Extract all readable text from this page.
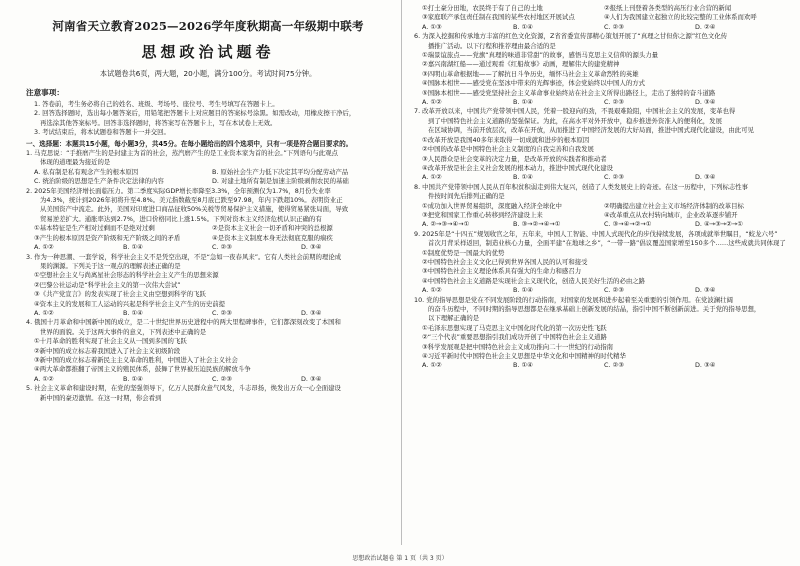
河南省天立教育2025—2026学年度秋期高一年级期中联考
思想政治试题卷
本试题卷共6页，两大题，20小题，满分100分。考试时间75分钟。
注意事项：
1. 答卷前，考生务必将自己的姓名、班级、考场号、座位号、考生号填写在答题卡上。
2. 回答选择题时，选出每小题答案后，用铅笔把答题卡上对应题目的答案标号涂黑。如需改动，用橡皮擦干净后，
再选涂其他答案标号。回答非选择题时，将答案写在答题卡上，写在本试卷上无效。
3. 考试结束后，将本试题卷和答题卡一并交回。
一、选择题：本题共15小题，每小题3分，共45分。在每小题给出的四个选项中，只有一项是符合题目要求的。
1. 马克思说：“手推磨产生的是封建主为首的社会，蒸汽磨产生的是工业资本家为首的社会。”下列语句与此观点
体现的道理最为接近的是
A. 私有制是私有观念产生的根本原因	B. 原始社会生产力低下决定其平均分配劳动产品
C. 统治阶级的思想是生产条件决定法律的内容	D. 对建土地所有制是加速主阶级剥削农民的基础
2. 2025年美国经济增长面临压力。第二季度实际GDP增长率降至3.3%，全年预测仅为1.7%，8月份失业率
为4.3%，统计到2026年初将升至4.8%。美元指数截至8月底已跌至97.98，年内下跌超10%。表明资业正
从美国资产中流走。此外，美国对印度进口商品征收50%关税等贸易保护主义措施，使得贸易紧张局面，导致
贸易逆差扩大。通胀率达到2.7%，进口价格同比上涨1.5%。下列对资本主义经济危机认识正确的有
①基本特征是生产相对过剩而不是绝对过剩	②是资本主义社会一切矛盾和冲突的总根源
③产生的根本原因是资产阶级和无产阶级之间的矛盾	④是资本主义制度本身无法彻底克服的痼疾
A. ①②	B. ①④	C. ②③	D. ③④
3. 作为一种思潮、一套学说，科学社会主义不是凭空出现，不是“急如一夜春风来”。它有人类社会前期的理论成
果的渊源。下列关于这一观点的理解表述正确的是
①空想社会主义与尚离星社会形态的科学社会主义产生的思想来源
②巴黎公社运动是“科学社会主义的第一次伟大尝试”
③《共产党宣言》的发表实现了社会主义由空想到科学的飞跃
④资本主义的发展和工人运动的兴起是科学社会主义产生的历史前提
A. ①②	B. ①④	C. ②③	D. ③④
4. 俄国十月革命和中国新中国的成立，是二十世纪世界历史进程中的两大里程碑事件，它们都深刻改变了本国和
世界的面貌。关于这两大事件的意义，下列表述中正确的是
①十月革命的胜利实现了社会主义从一国到多国的飞跃
②新中国的成立标志着我国进入了社会主义初级阶段
③新中国的成立标志着新民主主义革命的胜利，中国进入了社会主义社会
④两大革命都推翻了帝国主义的殖民体系，鼓舞了世界被压迫民族的解放斗争
A. ①②	B. ①④	C. ②③	D. ③④
5. 社会主义革命和建设时期，在党的坚强领导下，亿万人民群众意气风发，斗志昂扬，焕发出万众一心全面建设
新中国的豪迈激情。在这一时期，你会看到
①打土豪分田地，农民终于有了自己的土地	②报纸上刊登着各类型的高压行业合营的新闻
③家庭联产承包责任制在我国的某些农村地区开展试点	④人们为我国建立起独立的比较完整的工业体系而欢呼
A. ①③	B. ①④	C. ②③	D. ②④
6. 为深入挖掘和传承地方丰富的红色文化资源，Z省省委宣传部精心策划开展了“真理之甘但你之源”红色文化传
播推广活动。以下行程和推荐理由最合适的是
①瑞景谊旅点——党旗“真理的味道非常甜”的故事，感悟马克思主义信仰的源头力量
②嘉兴南湖红船——通过观看《红船故事》动画，理解伟大的建党精神
③四明山革命根据地——了解抗日斗争历史，缅怀马社会主义革命烈牲的英雄
④国脉本相世——感受党在坚冰中带来的光辉事迹，体会党始终以中国人的方式
⑤国脉本相世——感受党坚持社会主义革命事业始终站在社会主义所得出路径上，走出了独特的奋斗道路
A. ①②	B. ①④	C. ②③	D. ③④
7. 改革开放以来，中国共产党带领中国人民，凭着一股迎向的劲，不畏艰难险阻，中国社会主义的发展，变革也得
到了中国特色社会主义道路的坚强保证。为此，在高水平对外开放中，稳步推进外资准入的便利化，发展
在区域协调，当前开放层次，改革在开放，从而推进了中国经济发展的大好局面，推进中国式现代化建设，由此可见
①改革开放是我国40多年来取得一切成就和进步的根本原因
②中国的改革是中国特色社会主义制度的自我完善和自我发展
③人民群众是社会变革的决定力量，是改革开放的实践者和推动者
④改革开放是社会主义社会发展的根本动力，推进中国式现代化建设
A. ①②	B. ①④	C. ②③	D. ③④
8. 中国共产党带领中国人民从百年积贫积弱走到伟大复兴，创造了人类发展史上的奇迹。在这一历程中，下列标志性事
件按时间先后排列正确的是
①成功加入世界贸易组织，深度融入经济全球化中	②明确提出建立社会主义市场经济体制的改革目标
③把党和国家工作重心转移到经济建设上来	④改革重点从农村转向城市，企业改革逐步铺开
A. ②→③→④→①	B. ③→②→④→①	C. ③→④→②→①	D. ④→③→②→①
9. 2025年是“十四五”规划收官之年，五年来，中国人工智能、中国人式现代化的步伐持续发展，各项成就举世瞩目，“蛟龙六号”
首次月背采样返回，制造业核心力量，全面平建“在地球之乡”，“一带一路”倡议覆盖国家增至150多个……这些成就共同体现了
①制度优势是一国最大的优势
②中国特色社会主义文化已得到世界各国人民的认可和接受
③中国特色社会主义理论体系具有强大的生命力和感召力
④中国特色社会主义道路是实现社会主义现代化，创造人民美好生活的必由之路
A. ①②	B. ①④	C. ②③	D. ③④
10. 党的指导思想是党在不同发展阶段的行动指南，对国家的发展和进步起着至关重要的引领作用。在党波澜壮阔
的奋斗历程中，不同时期的指导思想都是在继承基础上创新发展的结晶，指引中国不断创新前进。关于党的指导思想，
以下理解正确的是
①毛泽东思想实现了马克思主义中国化时代化的第一次历史性飞跃
②“三个代表”重要思想指引我们成功开创了中国特色社会主义道路
③科学发展观是把中国特色社会主义成功推向二十一世纪的行动指南
④习近平新时代中国特色社会主义思想是中华文化和中国精神的时代精华
A. ①②	B. ①④	C. ②③	D. ③④
思想政治试题卷 第 1 页（共 3 页）
